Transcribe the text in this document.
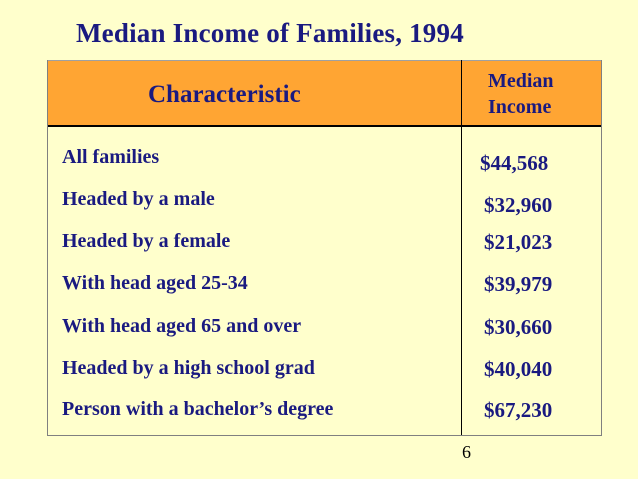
Median Income of Families, 1994
Characteristic	Median
Income
All families	$44,568
Headed by a male	$32,960
Headed by a female	$21,023
With head aged 25-34	$39,979
With head aged 65 and over	$30,660
Headed by a high school grad	$40,040
Person with a bachelor’s degree	$67,230
6
